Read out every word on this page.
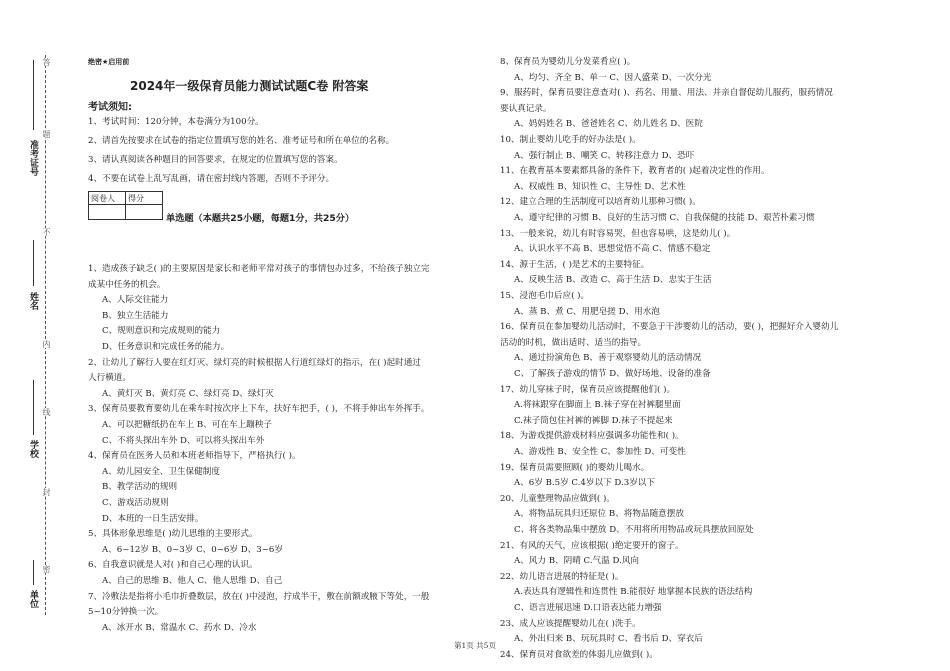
答
题
不
内
线
封
密
准考证号
姓名
学校
单位
绝密★启用前
2024年一级保育员能力测试试题C卷 附答案
考试须知:
1、考试时间：120分钟，本卷满分为100分。
2、请首先按要求在试卷的指定位置填写您的姓名、准考证号和所在单位的名称。
3、请认真阅读各种题目的回答要求，在规定的位置填写您的答案。
4、不要在试卷上乱写乱画，请在密封线内答题，否则不予评分。
阅卷人	得分

单选题（本题共25小题，每题1分，共25分）
1、造成孩子缺乏( )的主要原因是家长和老师平常对孩子的事情包办过多，不给孩子独立完
成某中任务的机会。
A、人际交往能力
B、独立生活能力
C、规则意识和完成规则的能力
D、任务意识和完成任务的能力。
2、让幼儿了解行人要在红灯灭、绿灯亮的时候根据人行道红绿灯的指示，在( )起时通过
人行横道。
A、黄灯灭 B、黄灯亮 C、绿灯亮 D、绿灯灭
3、保育员要教育要幼儿在乘车时按次序上下车，扶好车把手，( )，不将手伸出车外挥手。
A、可以把糖纸扔在车上 B、可在车上蹦秧子
C、不将头探出车外 D、可以将头探出车外
4、保育员在医务人员和本班老师指导下，严格执行( )。
A、幼儿园安全、卫生保健制度
B、教学活动的规则
C、游戏活动规则
D、本班的一日生活安排。
5、具体形象思维是( )幼儿思维的主要形式。
A、6~12岁 B、0~3岁 C、0~6岁 D、3~6岁
6、自我意识就是人对( )和自己心理的认识。
A、自己的思维 B、他人 C、他人思维 D、自己
7、冷敷法是指将小毛巾折叠数层，放在( )中浸泡，拧成半干，敷在前额或腋下等处，一般
5~10分钟换一次。
A、冰开水 B、常温水 C、药水 D、冷水
8、保育员为婴幼儿分发菜肴应( )。
A、均匀、齐全 B、单一 C、因人盛菜 D、一次分光
9、服药时，保育员要注意查对( )、药名、用量、用法、并亲自督促幼儿服药，服药情况
要认真记录。
A、妈妈姓名 B、爸爸姓名 C、幼儿姓名 D、医院
10、制止婴幼儿吃手的好办法是( )。
A、强行制止 B、嘲笑 C、转移注意力 D、恐吓
11、在教育基本要素都具备的条件下，教育者的( )起着决定性的作用。
A、权威性 B、知识性 C、主导性 D、艺术性
12、建立合理的生活制度可以培育幼儿那种习惯( )。
A、遵守纪律的习惯 B、良好的生活习惯 C、自我保健的技能 D、艰苦朴素习惯
13、一般来说，幼儿有时容易哭，但也容易哄，这是幼儿( )。
A、认识水平不高 B、思想觉悟不高 C、情感不稳定
14、源于生活，( )是艺术的主要特征。
A、反映生活 B、改造 C、高于生活 D、忠实于生活
15、浸泡毛巾后应( )。
A、蒸 B、煮 C、用肥皂搓 D、用水泡
16、保育员在参加婴幼儿活动时，不要急于干涉婴幼儿的活动，要( )，把握好介入婴幼儿
活动的时机，做出适时、适当的指导。
A、通过扮演角色 B、善于观察婴幼儿的活动情况
C、了解孩子游戏的情节 D、做好场地、设备的准备
17、幼儿穿袜子时，保育员应该提醒他们( )。
A.将袜跟穿在脚面上 B.袜子穿在衬裤腿里面
C.袜子筒包住衬裤的裤脚 D.袜子不提起来
18、为游戏提供游戏材料应强调多功能性和( )。
A、游戏性 B、安全性 C、参加性 D、可变性
19、保育员需要照顾( )的婴幼儿喝水。
A、6岁 B.5岁 C.4岁以下 D.3岁以下
20、儿童整理物品应做到( )。
A、将物品玩具归还原位 B、将物品随意摆放
C、将各类物品集中摆放 D、不用将所用物品或玩具摆放回原处
21、有风的天气，应该根据( )绝定要开的窗子。
A、风力 B、阴晴 C.气温 D.风向
22、幼儿语言进展的特征是( )。
A.表达具有逻辑性和连贯性 B.能很好 地掌握本民族的语法结构
C、语言进展迅速 D.口语表达能力增强
23、成人应该提醒婴幼儿在( )洗手。
A、外出归来 B、玩玩具时 C、看书后 D、穿衣后
24、保育员对食欲差的体弱儿应做到( )。
第1页 共5页
